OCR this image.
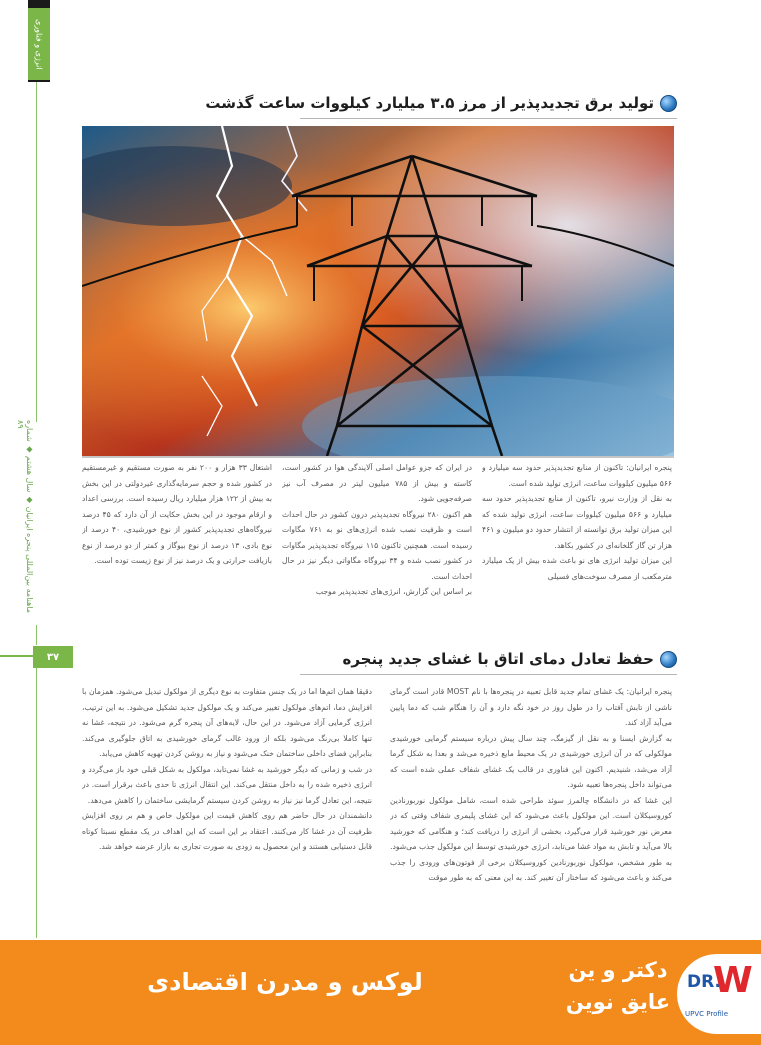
انرژی و فناوری
ماهنامه بین‌المللی پنجره ایرانیان ◆ سال هشتم ◆ شماره ۸۹
۳۷
تولید برق تجدیدپذیر از مرز ۳.۵ میلیارد کیلووات ساعت گذشت
پنجره ایرانیان: تاکنون از منابع تجدیدپذیر حدود سه میلیارد و ۵۶۶ میلیون کیلووات ساعت، انرژی تولید شده است.
به نقل از وزارت نیرو، تاکنون از منابع تجدیدپذیر حدود سه میلیارد و ۵۶۶ میلیون کیلووات ساعت، انرژی تولید شده که این میزان تولید برق توانسته از انتشار حدود دو میلیون و ۴۶۱ هزار تن گاز گلخانه‌ای در کشور بکاهد.
این میزان تولید انرژی های نو باعث شده بیش از یک میلیارد مترمکعب از مصرف سوخت‌های فسیلی
در ایران که جزو عوامل اصلی آلایندگی هوا در کشور است، کاسته و بیش از ۷۸۵ میلیون لیتر در مصرف آب نیز صرفه‌جویی شود.
هم اکنون ۲۸۰ نیروگاه تجدیدپذیر درون کشور در حال احداث است و ظرفیت نصب شده انرژی‌های نو به ۷۶۱ مگاوات رسیده است. همچنین تاکنون ۱۱۵ نیروگاه تجدیدپذیر مگاوات در کشور نصب شده و ۳۴ نیروگاه مگاواتی دیگر نیز در حال احداث است.
بر اساس این گزارش، انرژی‌های تجدیدپذیر موجب
اشتغال ۳۳ هزار و ۲۰۰ نفر به صورت مستقیم و غیرمستقیم در کشور شده و حجم سرمایه‌گذاری غیردولتی در این بخش به بیش از ۱۲۲ هزار میلیارد ریال رسیده است. بررسی اعداد و ارقام موجود در این بخش حکایت از آن دارد که ۴۵ درصد نیروگاه‌های تجدیدپذیر کشور از نوع خورشیدی، ۴۰ درصد از نوع بادی، ۱۳ درصد از نوع بیوگاز و کمتر از دو درصد از نوع بازیافت حرارتی و یک درصد نیز از نوع زیست توده است.
حفظ تعادل دمای اتاق با غشای جدید پنجره
پنجره ایرانیان: یک غشای تمام جدید قابل تعبیه در پنجره‌ها با نام MOST قادر است گرمای ناشی از تابش آفتاب را در طول روز در خود نگه دارد و آن را هنگام شب که دما پایین می‌آید آزاد کند.
به گزارش ایسنا و به نقل از گیزمگ، چند سال پیش درباره سیستم گرمایی خورشیدی مولکولی که در آن انرژی خورشیدی در یک محیط مایع ذخیره می‌شد و بعدا به شکل گرما آزاد می‌شد، شنیدیم. اکنون این فناوری در قالب یک غشای شفاف عملی شده است که می‌تواند داخل پنجره‌ها تعبیه شود.
این غشا که در دانشگاه چالمرز سوئد طراحی شده است، شامل مولکول نوربورنادین کوروسیکلان است. این مولکول باعث می‌شود که این غشای پلیمری شفاف وقتی که در معرض نور خورشید قرار می‌گیرد، بخشی از انرژی را دریافت کند؛ و هنگامی که خورشید بالا می‌آید و تابش به مواد غشا می‌تابد، انرژی خورشیدی توسط این مولکول جذب می‌شود.
به طور مشخص، مولکول نوربورنادین کوروسیکلان برخی از فوتون‌های ورودی را جذب می‌کند و باعث می‌شود که ساختار آن تغییر کند. به این معنی که به طور موقت
دقیقا همان اتم‌ها اما در یک جنس متفاوت به نوع دیگری از مولکول تبدیل می‌شود. همزمان با افزایش دما، اتم‌های مولکول تغییر می‌کند و یک مولکول جدید تشکیل می‌شود. به این ترتیب، انرژی گرمایی آزاد می‌شود. در این حال، لایه‌های آن پنجره گرم می‌شود. در نتیجه، غشا نه تنها کاملا بی‌رنگ می‌شود بلکه از ورود غالب گرمای خورشیدی به اتاق جلوگیری می‌کند. بنابراین فضای داخلی ساختمان خنک می‌شود و نیاز به روشن کردن تهویه کاهش می‌یابد.
در شب و زمانی که دیگر خورشید به غشا نمی‌تابد، مولکول به شکل قبلی خود باز می‌گردد و انرژی ذخیره شده را به داخل منتقل می‌کند. این انتقال انرژی تا حدی باعث برقرار است. در نتیجه، این تعادل گرما نیز نیاز به روشن کردن سیستم گرمایشی ساختمان را کاهش می‌دهد.
دانشمندان در حال حاضر هم روی کاهش قیمت این مولکول خاص و هم بر روی افزایش ظرفیت آن در غشا کار می‌کنند. اعتقاد بر این است که این اهداف در یک مقطع نسبتا کوتاه قابل دستیابی هستند و این محصول به زودی به صورت تجاری به بازار عرضه خواهد شد.
DR.
W
UPVC Profile
دکتر و ین
عایق نوین
لوکس و مدرن اقتصادی
